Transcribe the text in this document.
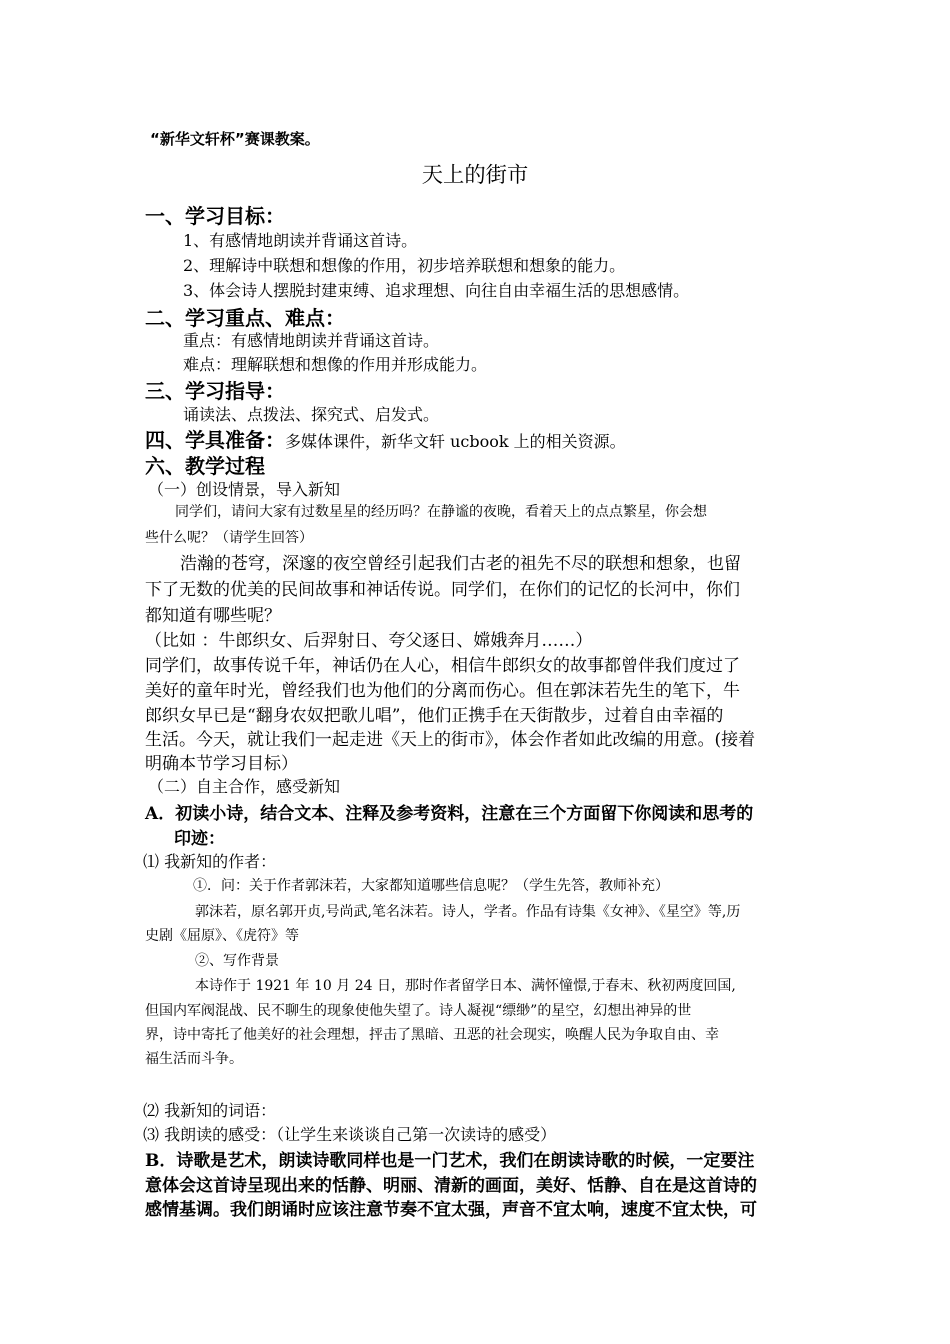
“新华文轩杯”赛课教案。
天上的街市
一、学习目标：
1、有感情地朗读并背诵这首诗。
2、理解诗中联想和想像的作用，初步培养联想和想象的能力。
3、体会诗人摆脱封建束缚、追求理想、向往自由幸福生活的思想感情。
二、学习重点、难点：
重点：有感情地朗读并背诵这首诗。
难点：理解联想和想像的作用并形成能力。
三、学习指导：
诵读法、点拨法、探究式、启发式。
四、学具准备：多媒体课件，新华文轩 ucbook 上的相关资源。
六、教学过程
（一）创设情景，导入新知
同学们，请问大家有过数星星的经历吗？在静谧的夜晚，看着天上的点点繁星，你会想
些什么呢？（请学生回答）
浩瀚的苍穹，深邃的夜空曾经引起我们古老的祖先不尽的联想和想象，也留
下了无数的优美的民间故事和神话传说。同学们，在你们的记忆的长河中，你们
都知道有哪些呢？
（比如 ：牛郎织女、后羿射日、夸父逐日、嫦娥奔月……）
同学们，故事传说千年，神话仍在人心，相信牛郎织女的故事都曾伴我们度过了
美好的童年时光，曾经我们也为他们的分离而伤心。但在郭沫若先生的笔下，牛
郎织女早已是“翻身农奴把歌儿唱”，他们正携手在天街散步，过着自由幸福的
生活。今天，就让我们一起走进《天上的街市》，体会作者如此改编的用意。(接着
明确本节学习目标）
（二）自主合作，感受新知
A．初读小诗，结合文本、注释及参考资料，注意在三个方面留下你阅读和思考的
印迹：
⑴ 我新知的作者：
①．问：关于作者郭沫若，大家都知道哪些信息呢？（学生先答，教师补充）
郭沫若，原名郭开贞,号尚武,笔名沫若。诗人，学者。作品有诗集《女神》、《星空》等,历
史剧《屈原》、《虎符》等
②、写作背景
本诗作于 1921 年 10 月 24 日，那时作者留学日本、满怀憧憬,于春末、秋初两度回国,
但国内军阀混战、民不聊生的现象使他失望了。诗人凝视“缥缈”的星空，幻想出神异的世
界，诗中寄托了他美好的社会理想，抨击了黑暗、丑恶的社会现实，唤醒人民为争取自由、幸
福生活而斗争。
⑵ 我新知的词语：
⑶ 我朗读的感受：（让学生来谈谈自己第一次读诗的感受）
B．诗歌是艺术，朗读诗歌同样也是一门艺术，我们在朗读诗歌的时候，一定要注
意体会这首诗呈现出来的恬静、明丽、清新的画面，美好、恬静、自在是这首诗的
感情基调。我们朗诵时应该注意节奏不宜太强，声音不宜太响，速度不宜太快，可
